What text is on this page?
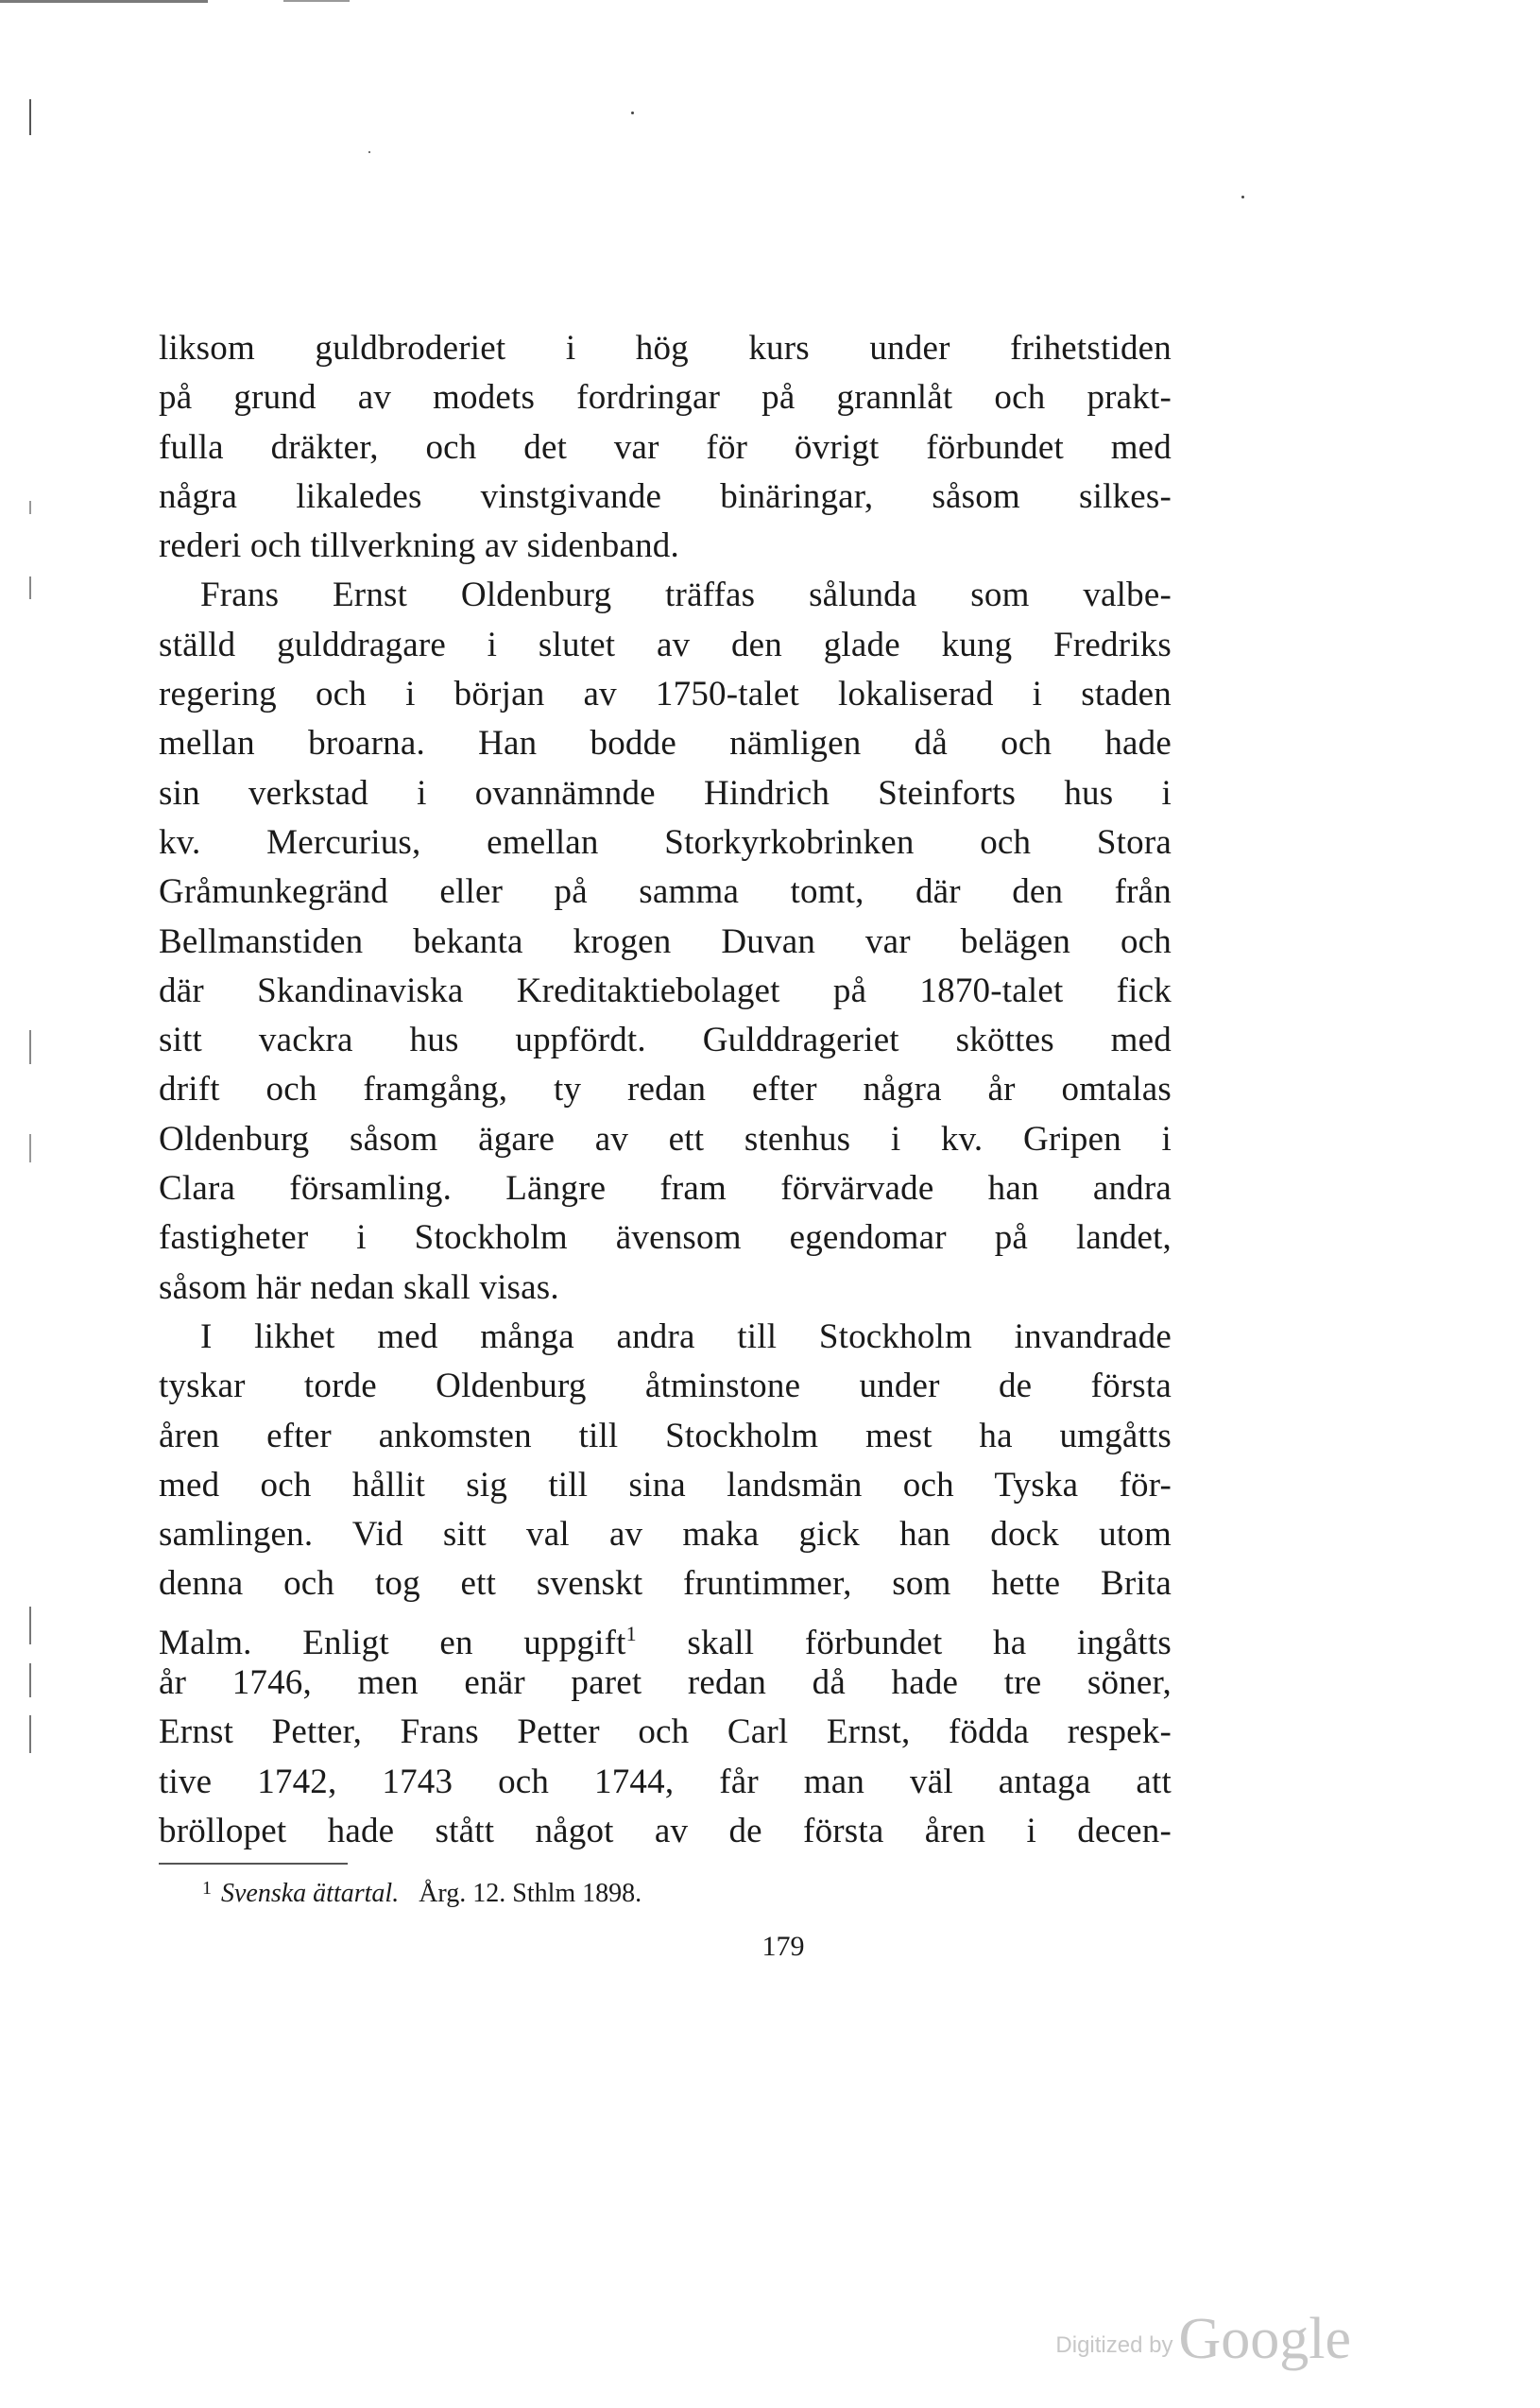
liksom guldbroderiet i hög kurs under frihetstiden
på grund av modets fordringar på grannlåt och prakt-
fulla dräkter, och det var för övrigt förbundet med
några likaledes vinstgivande binäringar, såsom silkes-
rederi och tillverkning av sidenband.
Frans Ernst Oldenburg träffas sålunda som valbe-
ställd gulddragare i slutet av den glade kung Fredriks
regering och i början av 1750-talet lokaliserad i staden
mellan broarna. Han bodde nämligen då och hade
sin verkstad i ovannämnde Hindrich Steinforts hus i
kv. Mercurius, emellan Storkyrkobrinken och Stora
Gråmunkegränd eller på samma tomt, där den från
Bellmanstiden bekanta krogen Duvan var belägen och
där Skandinaviska Kreditaktiebolaget på 1870-talet fick
sitt vackra hus uppfördt. Gulddrageriet sköttes med
drift och framgång, ty redan efter några år omtalas
Oldenburg såsom ägare av ett stenhus i kv. Gripen i
Clara församling. Längre fram förvärvade han andra
fastigheter i Stockholm ävensom egendomar på landet,
såsom här nedan skall visas.
I likhet med många andra till Stockholm invandrade
tyskar torde Oldenburg åtminstone under de första
åren efter ankomsten till Stockholm mest ha umgåtts
med och hållit sig till sina landsmän och Tyska för-
samlingen. Vid sitt val av maka gick han dock utom
denna och tog ett svenskt fruntimmer, som hette Brita
Malm. Enligt en uppgift$^1$ skall förbundet ha ingåtts
år 1746, men enär paret redan då hade tre söner,
Ernst Petter, Frans Petter och Carl Ernst, födda respek-
tive 1742, 1743 och 1744, får man väl antaga att
bröllopet hade stått något av de första åren i decen-
$^1$ Svenska ättartal. Årg. 12. Sthlm 1898.
179
Digitized byGoogle
